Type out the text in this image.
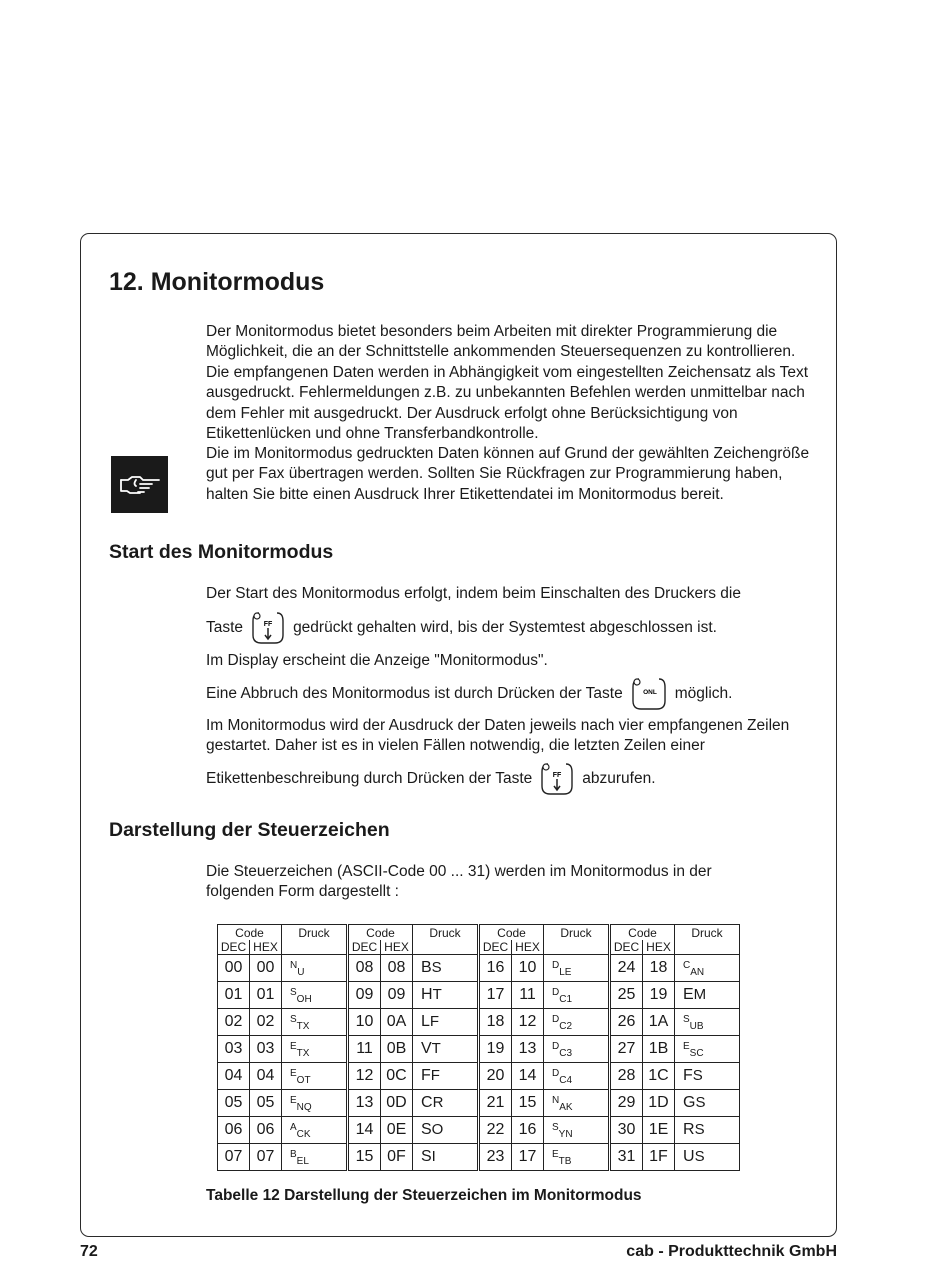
12. Monitormodus

Der Monitormodus bietet besonders beim Arbeiten mit direkter Programmierung die Möglichkeit, die an der Schnittstelle ankommenden Steuersequenzen zu kontrollieren. Die empfangenen Daten werden in Abhängigkeit vom eingestellten Zeichensatz als Text ausgedruckt. Fehlermeldungen z.B. zu unbekannten Befehlen werden unmittelbar nach dem Fehler mit ausgedruckt. Der Ausdruck erfolgt ohne Berücksichtigung von Etikettenlücken und ohne Transferbandkontrolle.

Die im Monitormodus gedruckten Daten können auf Grund der gewählten Zeichengröße gut per Fax übertragen werden. Sollten Sie Rückfragen zur Programmierung haben, halten Sie bitte einen Ausdruck Ihrer Etikettendatei im Monitormodus bereit.

Start des Monitormodus
Der Start des Monitormodus erfolgt, indem beim Einschalten des Druckers die
Taste	FF gedrückt gehalten wird, bis der Systemtest abgeschlossen ist.
Im Display erscheint die Anzeige "Monitormodus".
Eine Abbruch des Monitormodus ist durch Drücken der Taste	ONL möglich.

Im Monitormodus wird der Ausdruck der Daten jeweils nach vier empfangenen Zeilen gestartet. Daher ist es in vielen Fällen notwendig, die letzten Zeilen einer

Etikettenbeschreibung durch Drücken der Taste	FF abzurufen.
Darstellung der Steuerzeichen

Die Steuerzeichen (ASCII-Code 00 ... 31) werden im Monitormodus in der folgenden Form dargestellt :

Code		Druck	Code		Druck	Code		Druck	Code		Druck
DEC	HEX		DEC	HEX		DEC	HEX		DEC	HEX	
00	00	NU	08	08	BS	16	10	DLE	24	18	CAN
01	01	SOH	09	09	HT	17	11	DC1	25	19	EM
02	02	STX	10	0A	LF	18	12	DC2	26	1A	SUB
03	03	ETX	11	0B	VT	19	13	DC3	27	1B	ESC
04	04	EOT	12	0C	FF	20	14	DC4	28	1C	FS
05	05	ENQ	13	0D	CR	21	15	NAK	29	1D	GS
06	06	ACK	14	0E	SO	22	16	SYN	30	1E	RS
07	07	BEL	15	0F	SI	23	17	ETB	31	1F	US
Tabelle 12 Darstellung der Steuerzeichen im Monitormodus
72	cab - Produkttechnik GmbH
